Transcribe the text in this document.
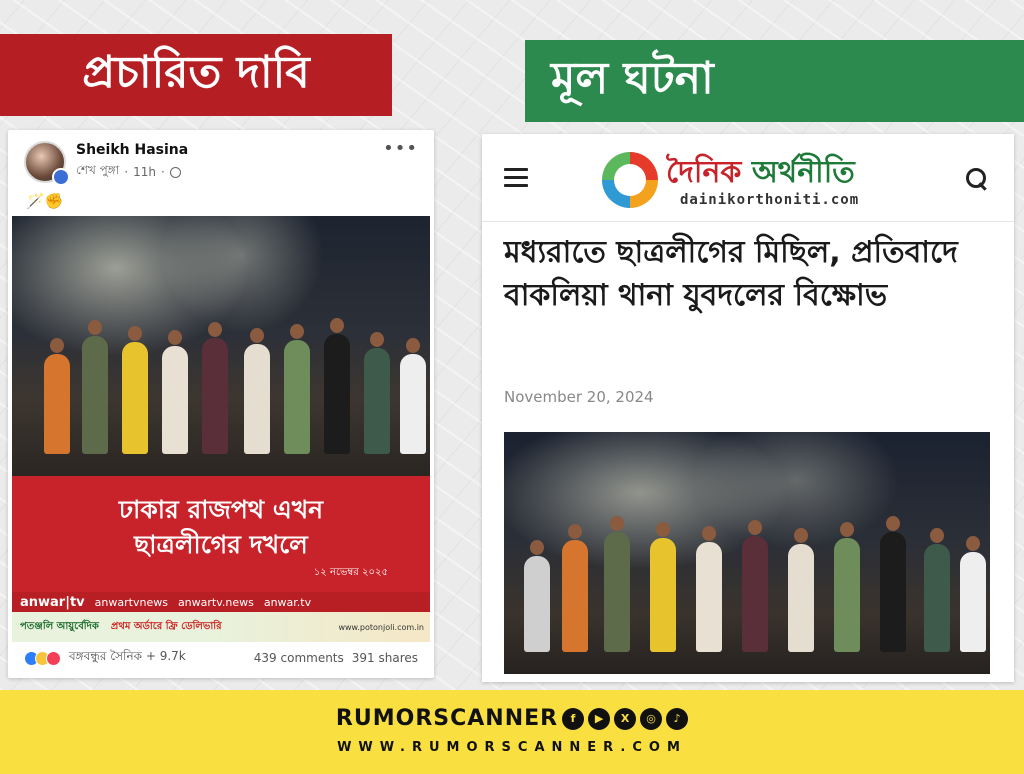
প্রচারিত দাবি	মূল ঘটনা
Sheikh Hasina
শেখ পুঙ্গা · 11h ·
•••
🪄✊
ঢাকার রাজপথ এখন
ছাত্রলীগের দখলে
১২ নভেম্বর ২০২৫
anwar|tv anwartvnews anwartv.news anwar.tv
পতঞ্জলি আয়ুর্বেদিক প্রথম অর্ডারে ফ্রি ডেলিভারি	www.potonjoli.com.in
বঙ্গবন্ধুর সৈনিক + 9.7k	439 comments 391 shares
দৈনিক অর্থনীতি
dainikorthoniti.com
মধ্যরাতে ছাত্রলীগের মিছিল, প্রতিবাদে বাকলিয়া থানা যুবদলের বিক্ষোভ
November 20, 2024
RUMORSCANNER	f	▶	X	◎	♪
WWW.RUMORSCANNER.COM
